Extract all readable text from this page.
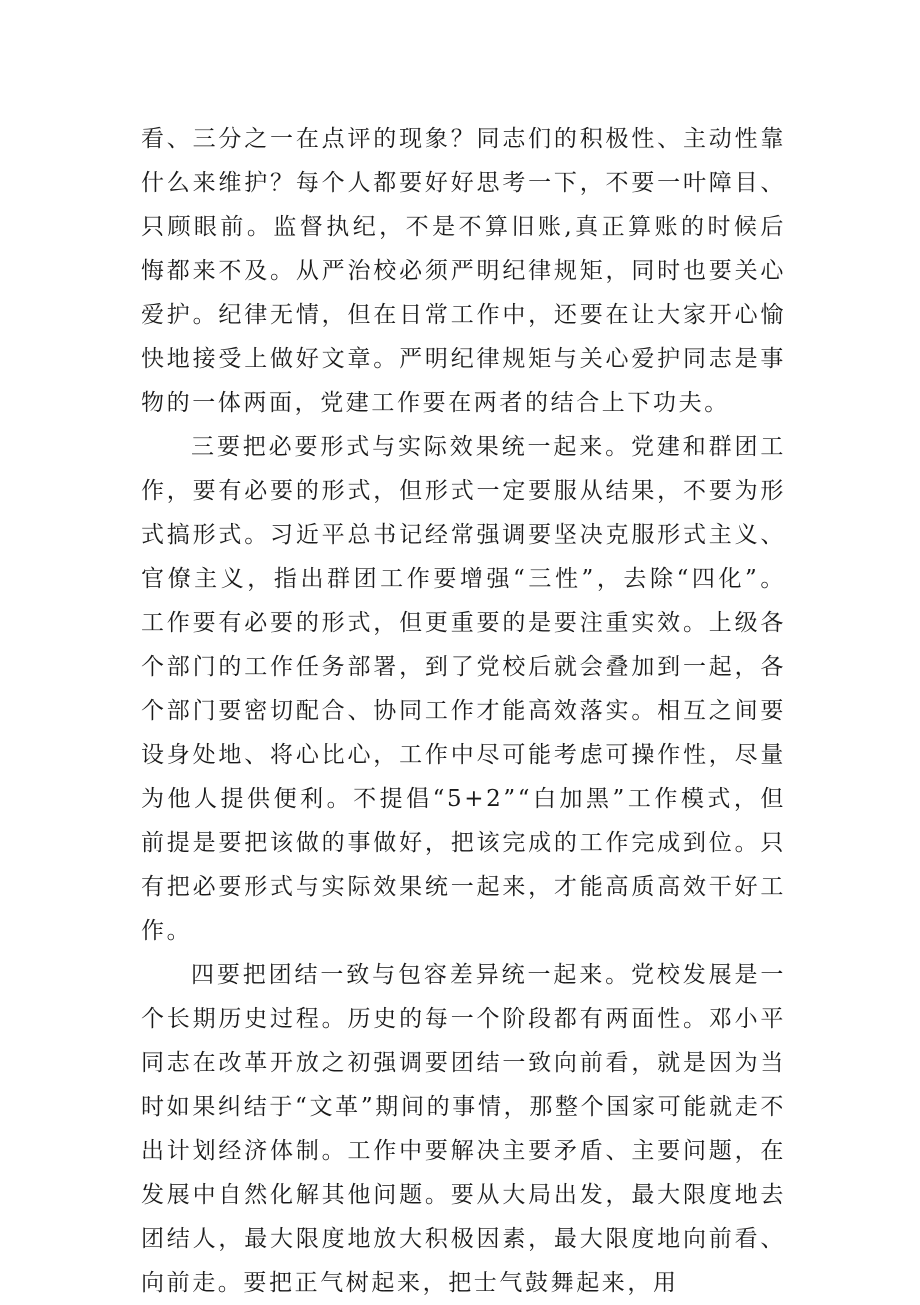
看、三分之一在点评的现象？同志们的积极性、主动性靠什么来维护？每个人都要好好思考一下，不要一叶障目、只顾眼前。监督执纪，不是不算旧账,真正算账的时候后悔都来不及。从严治校必须严明纪律规矩，同时也要关心爱护。纪律无情，但在日常工作中，还要在让大家开心愉快地接受上做好文章。严明纪律规矩与关心爱护同志是事物的一体两面，党建工作要在两者的结合上下功夫。

三要把必要形式与实际效果统一起来。党建和群团工作，要有必要的形式，但形式一定要服从结果，不要为形式搞形式。习近平总书记经常强调要坚决克服形式主义、官僚主义，指出群团工作要增强“三性”，去除“四化”。工作要有必要的形式，但更重要的是要注重实效。上级各个部门的工作任务部署，到了党校后就会叠加到一起，各个部门要密切配合、协同工作才能高效落实。相互之间要设身处地、将心比心，工作中尽可能考虑可操作性，尽量为他人提供便利。不提倡“5+2”“白加黑”工作模式，但前提是要把该做的事做好，把该完成的工作完成到位。只有把必要形式与实际效果统一起来，才能高质高效干好工作。

四要把团结一致与包容差异统一起来。党校发展是一个长期历史过程。历史的每一个阶段都有两面性。邓小平同志在改革开放之初强调要团结一致向前看，就是因为当时如果纠结于“文革”期间的事情，那整个国家可能就走不出计划经济体制。工作中要解决主要矛盾、主要问题，在发展中自然化解其他问题。要从大局出发，最大限度地去团结人，最大限度地放大积极因素，最大限度地向前看、向前走。要把正气树起来，把士气鼓舞起来，用
